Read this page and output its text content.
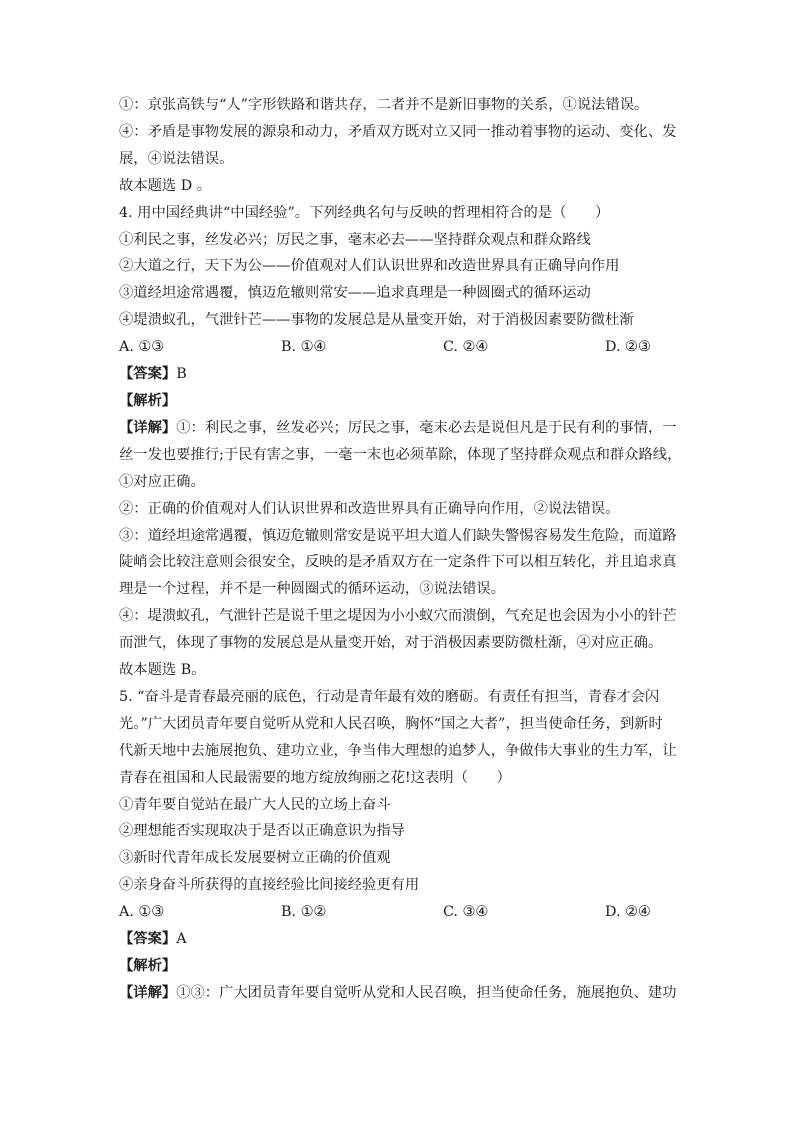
①：京张高铁与“人”字形铁路和谐共存，二者并不是新旧事物的关系，①说法错误。
④：矛盾是事物发展的源泉和动力，矛盾双方既对立又同一推动着事物的运动、变化、发
展，④说法错误。
故本题选 D 。
4. 用中国经典讲“中国经验”。下列经典名句与反映的哲理相符合的是（　　）
①利民之事，丝发必兴；厉民之事，毫末必去——坚持群众观点和群众路线
②大道之行，天下为公——价值观对人们认识世界和改造世界具有正确导向作用
③道经坦途常遇覆，慎迈危辙则常安——追求真理是一种圆圈式的循环运动
④堤溃蚁孔，气泄针芒——事物的发展总是从量变开始，对于消极因素要防微杜渐
A. ①③	B. ①④	C. ②④	D. ②③
【答案】B
【解析】
【详解】①：利民之事，丝发必兴；厉民之事，毫末必去是说但凡是于民有利的事情，一
丝一发也要推行;于民有害之事，一毫一末也必须革除，体现了坚持群众观点和群众路线，
①对应正确。
②：正确的价值观对人们认识世界和改造世界具有正确导向作用，②说法错误。
③：道经坦途常遇覆，慎迈危辙则常安是说平坦大道人们缺失警惕容易发生危险，而道路
陡峭会比较注意则会很安全，反映的是矛盾双方在一定条件下可以相互转化，并且追求真
理是一个过程，并不是一种圆圈式的循环运动，③说法错误。
④：堤溃蚁孔，气泄针芒是说千里之堤因为小小蚁穴而溃倒，气充足也会因为小小的针芒
而泄气，体现了事物的发展总是从量变开始，对于消极因素要防微杜渐，④对应正确。
故本题选 B。
5. “奋斗是青春最亮丽的底色，行动是青年最有效的磨砺。有责任有担当，青春才会闪
光。”广大团员青年要自觉听从党和人民召唤，胸怀“国之大者”，担当使命任务，到新时
代新天地中去施展抱负、建功立业，争当伟大理想的追梦人，争做伟大事业的生力军，让
青春在祖国和人民最需要的地方绽放绚丽之花!这表明（　　）
①青年要自觉站在最广大人民的立场上奋斗
②理想能否实现取决于是否以正确意识为指导
③新时代青年成长发展要树立正确的价值观
④亲身奋斗所获得的直接经验比间接经验更有用
A. ①③	B. ①②	C. ③④	D. ②④
【答案】A
【解析】
【详解】①③：广大团员青年要自觉听从党和人民召唤，担当使命任务，施展抱负、建功
